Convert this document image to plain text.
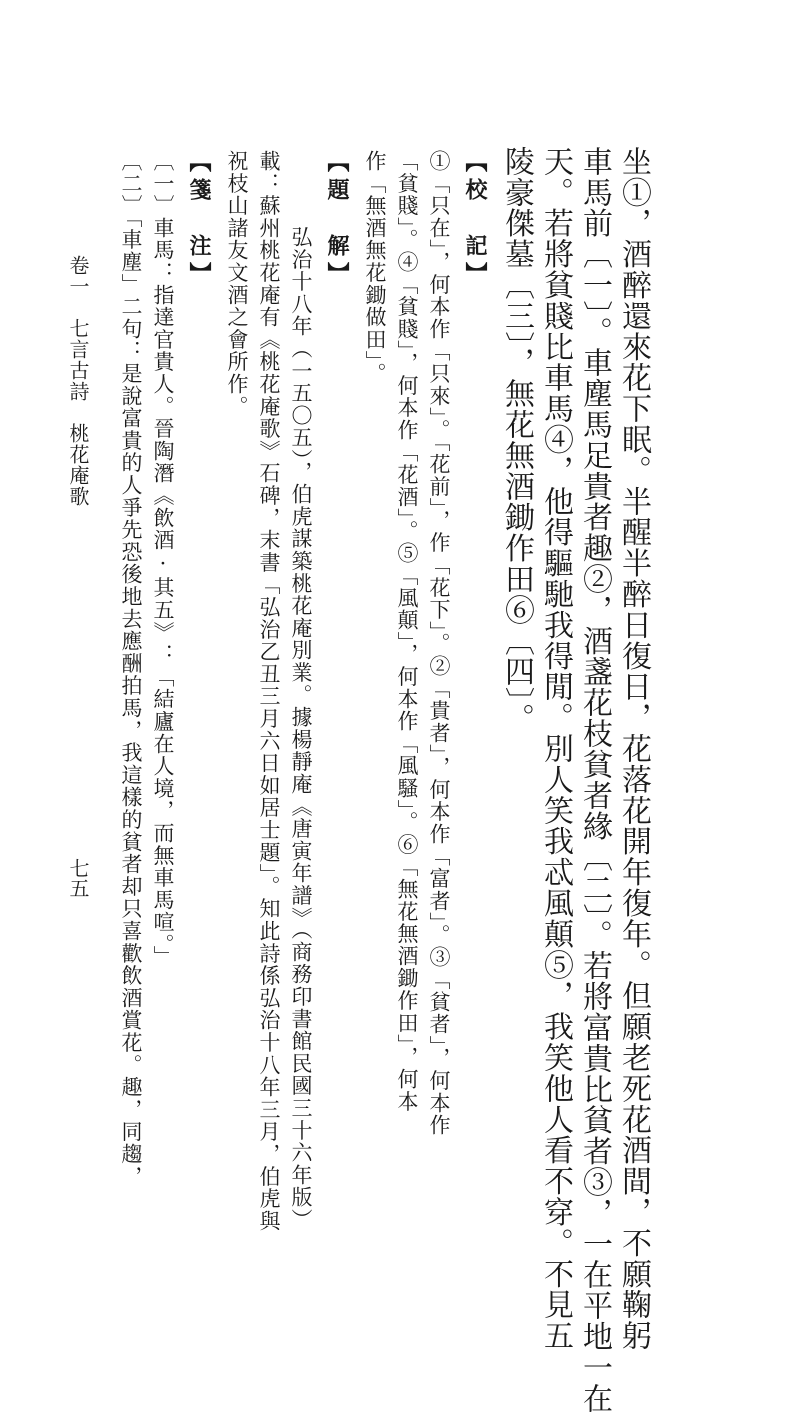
坐①，酒醉還來花下眠。半醒半醉日復日，花落花開年復年。但願老死花酒間，不願鞠躬
車馬前〔一〕。車塵馬足貴者趣②，酒盞花枝貧者緣〔二〕。若將富貴比貧者③，一在平地一在
天。若將貧賤比車馬④，他得驅馳我得閒。別人笑我忒風顛⑤，我笑他人看不穿。不見五
陵豪傑墓〔三〕，無花無酒鋤作田⑥〔四〕。
【校　記】
①「只在」，何本作「只來」。「花前」，作「花下」。②「貴者」，何本作「富者」。③「貧者」，何本作
「貧賤」。④「貧賤」，何本作「花酒」。⑤「風顛」，何本作「風騷」。⑥「無花無酒鋤作田」，何本
作「無酒無花鋤做田」。
【題　解】
弘治十八年（一五〇五），伯虎謀築桃花庵別業。據楊靜庵《唐寅年譜》（商務印書館民國三十六年版）
載：蘇州桃花庵有《桃花庵歌》石碑，末書「弘治乙丑三月六日如居士題」。知此詩係弘治十八年三月，伯虎與
祝枝山諸友文酒之會所作。
【箋　注】
〔一〕車馬：指達官貴人。晉陶潛《飲酒·其五》：「結廬在人境，而無車馬喧。」
〔二〕「車塵」二句：是說富貴的人爭先恐後地去應酬拍馬，我這樣的貧者却只喜歡飲酒賞花。趣，同趨，
卷一　七言古詩　桃花庵歌
七五
